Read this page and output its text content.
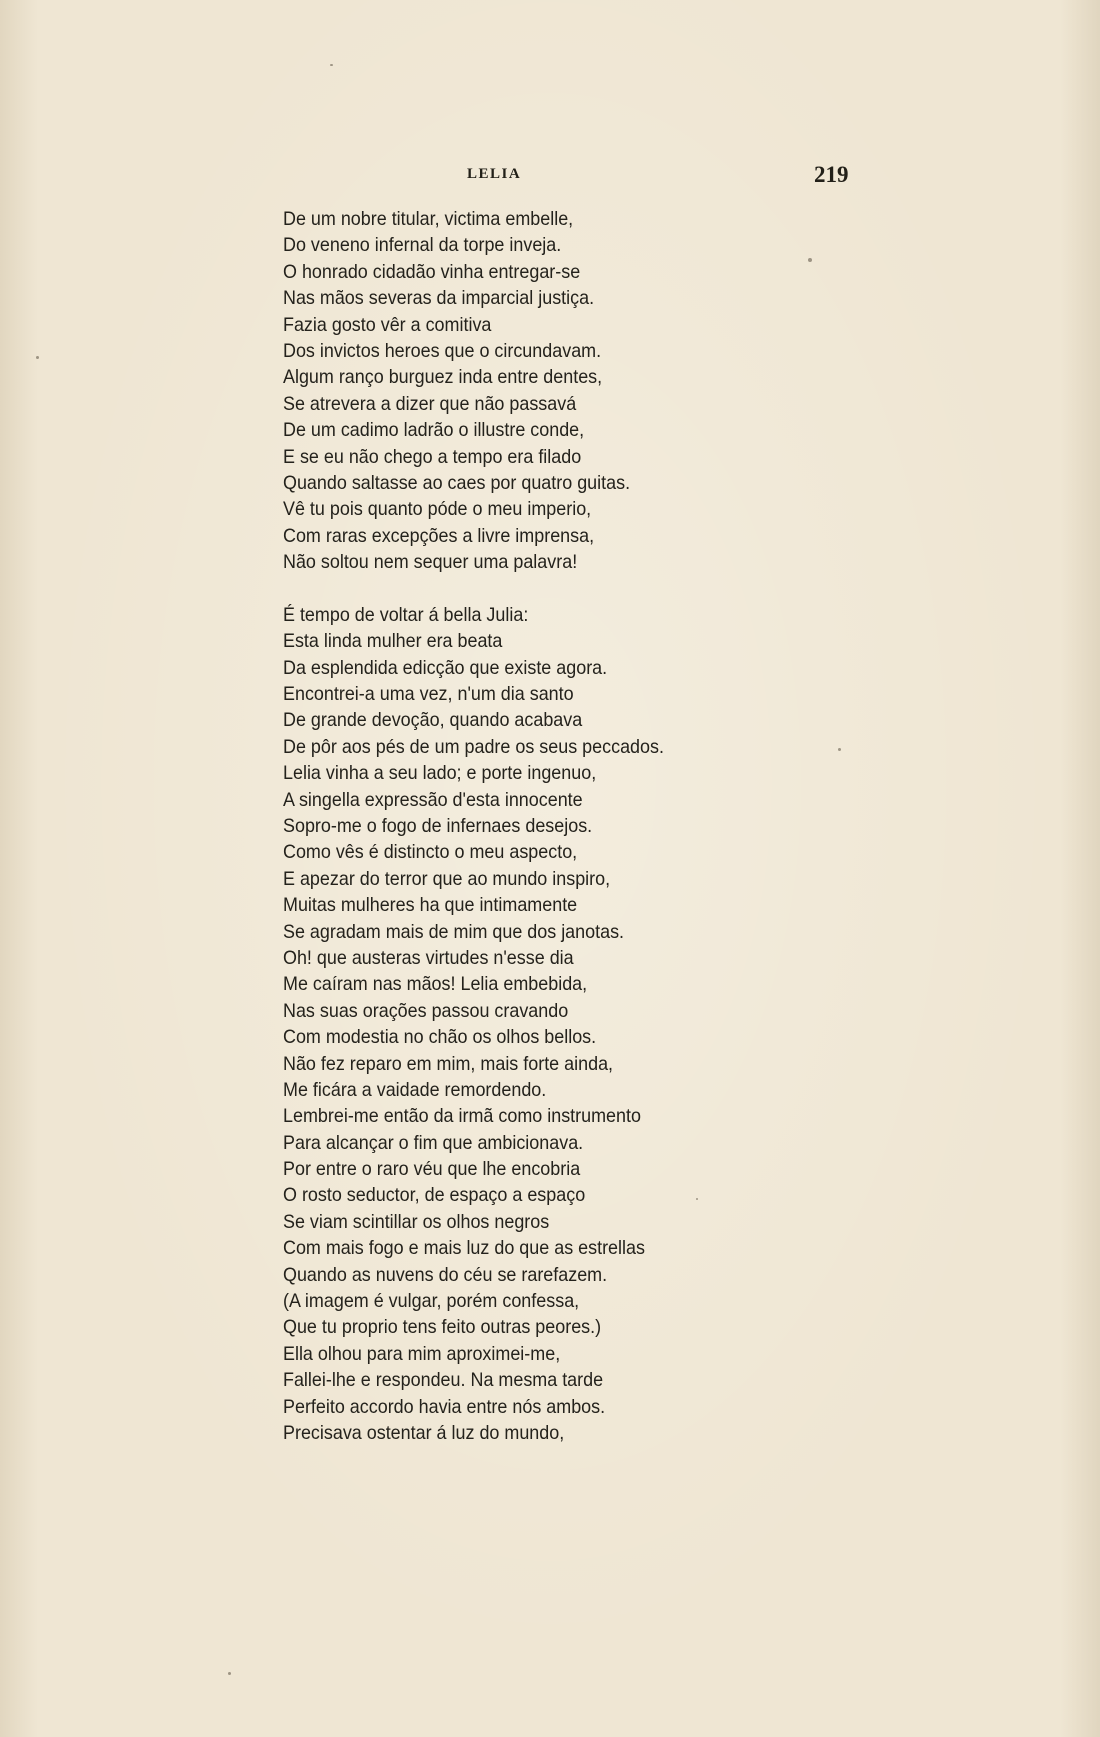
LELIA	219
De um nobre titular, victima embelle,
Do veneno infernal da torpe inveja.
O honrado cidadão vinha entregar-se
Nas mãos severas da imparcial justiça.
Fazia gosto vêr a comitiva
Dos invictos heroes que o circundavam.
Algum ranço burguez inda entre dentes,
Se atrevera a dizer que não passavá
De um cadimo ladrão o illustre conde,
E se eu não chego a tempo era filado
Quando saltasse ao caes por quatro guitas.
Vê tu pois quanto póde o meu imperio,
Com raras excepções a livre imprensa,
Não soltou nem sequer uma palavra!
É tempo de voltar á bella Julia:
Esta linda mulher era beata
Da esplendida edicção que existe agora.
Encontrei-a uma vez, n'um dia santo
De grande devoção, quando acabava
De pôr aos pés de um padre os seus peccados.
Lelia vinha a seu lado; e porte ingenuo,
A singella expressão d'esta innocente
Sopro-me o fogo de infernaes desejos.
Como vês é distincto o meu aspecto,
E apezar do terror que ao mundo inspiro,
Muitas mulheres ha que intimamente
Se agradam mais de mim que dos janotas.
Oh! que austeras virtudes n'esse dia
Me caíram nas mãos! Lelia embebida,
Nas suas orações passou cravando
Com modestia no chão os olhos bellos.
Não fez reparo em mim, mais forte ainda,
Me ficára a vaidade remordendo.
Lembrei-me então da irmã como instrumento
Para alcançar o fim que ambicionava.
Por entre o raro véu que lhe encobria
O rosto seductor, de espaço a espaço
Se viam scintillar os olhos negros
Com mais fogo e mais luz do que as estrellas
Quando as nuvens do céu se rarefazem.
(A imagem é vulgar, porém confessa,
Que tu proprio tens feito outras peores.)
Ella olhou para mim aproximei-me,
Fallei-lhe e respondeu. Na mesma tarde
Perfeito accordo havia entre nós ambos.
Precisava ostentar á luz do mundo,
